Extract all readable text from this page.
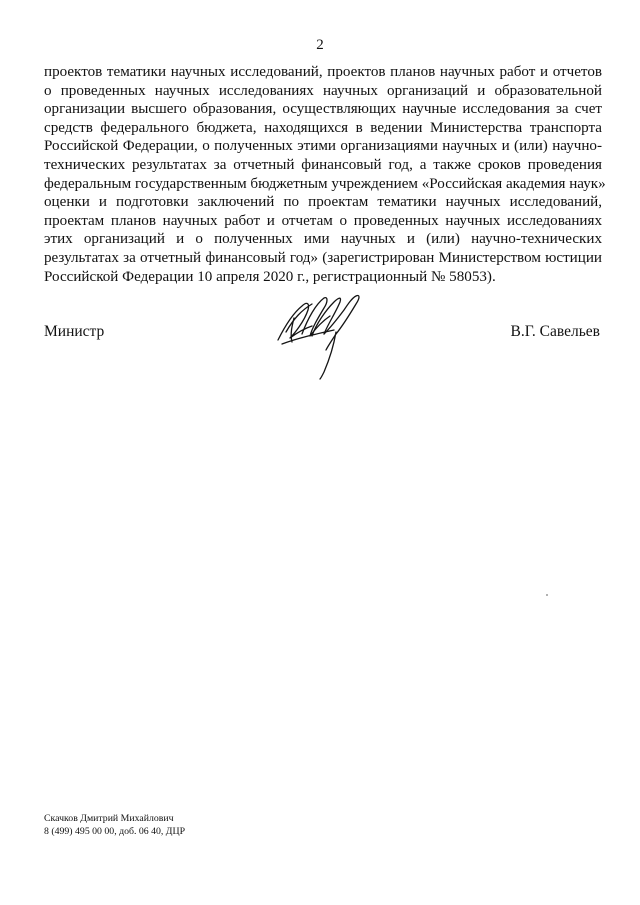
2
проектов тематики научных исследований, проектов планов научных работ и отчетов
о проведенных научных исследованиях научных организаций и образовательной
организации высшего образования, осуществляющих научные исследования за счет
средств федерального бюджета, находящихся в ведении Министерства транспорта
Российской Федерации, о полученных этими организациями научных и (или) научно-
технических результатах за отчетный финансовый год, а также сроков проведения
федеральным государственным бюджетным учреждением «Российская академия наук»
оценки и подготовки заключений по проектам тематики научных исследований,
проектам планов научных работ и отчетам о проведенных научных исследованиях
этих организаций и о полученных ими научных и (или) научно-технических
результатах за отчетный финансовый год» (зарегистрирован Министерством юстиции
Российской Федерации 10 апреля 2020 г., регистрационный № 58053).
Министр	В.Г. Савельев
Скачков Дмитрий Михайлович
8 (499) 495 00 00, доб. 06 40, ДЦР
